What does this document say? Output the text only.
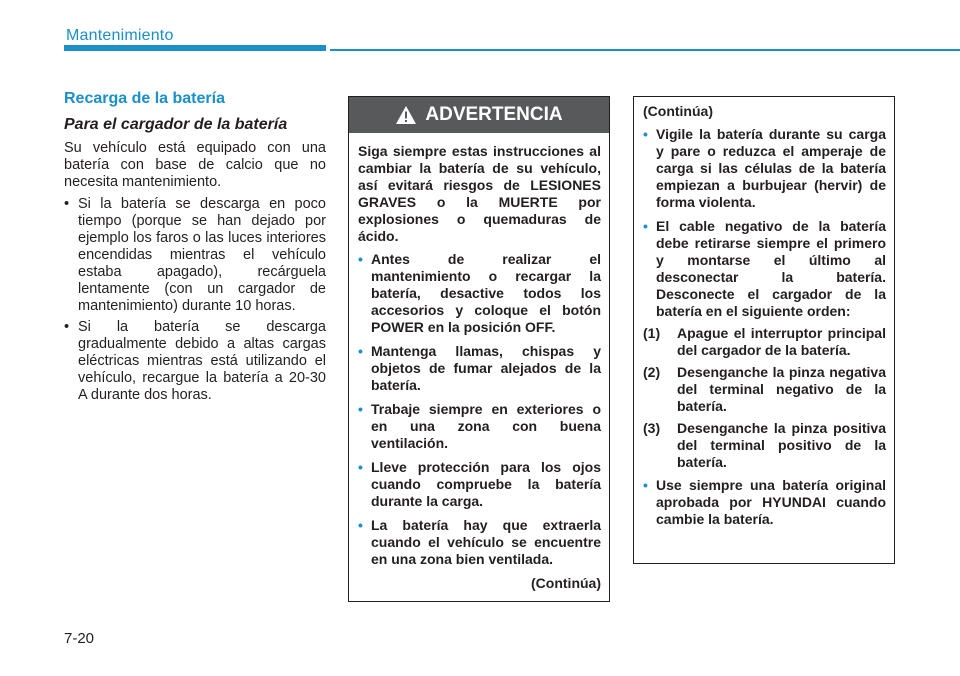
Mantenimiento
Recarga de la batería
Para el cargador de la batería

Su vehículo está equipado con una batería con base de calcio que no necesita mantenimiento.

• Si la batería se descarga en poco tiempo (porque se han dejado por ejemplo los faros o las luces interiores encendidas mientras el vehículo estaba apagado), recárguela lentamente (con un cargador de mantenimiento) durante 10 horas.
• Si la batería se descarga gradualmente debido a altas cargas eléctricas mientras está utilizando el vehículo, recargue la batería a 20-30 A durante dos horas.
ADVERTENCIA

Siga siempre estas instrucciones al cambiar la batería de su vehículo, así evitará riesgos de LESIONES GRAVES o la MUERTE por explosiones o quemaduras de ácido.

• Antes de realizar el mantenimiento o recargar la batería, desactive todos los accesorios y coloque el botón POWER en la posición OFF.
• Mantenga llamas, chispas y objetos de fumar alejados de la batería.
• Trabaje siempre en exteriores o en una zona con buena ventilación.
• Lleve protección para los ojos cuando compruebe la batería durante la carga.
• La batería hay que extraerla cuando el vehículo se encuentre en una zona bien ventilada.
(Continúa)

(Continúa)

• Vigile la batería durante su carga y pare o reduzca el amperaje de carga si las células de la batería empiezan a burbujear (hervir) de forma violenta.
• El cable negativo de la batería debe retirarse siempre el primero y montarse el último al desconectar la batería. Desconecte el cargador de la batería en el siguiente orden:
(1) Apague el interruptor principal del cargador de la batería.
(2) Desenganche la pinza negativa del terminal negativo de la batería.
(3) Desenganche la pinza positiva del terminal positivo de la batería.
• Use siempre una batería original aprobada por HYUNDAI cuando cambie la batería.
7-20
